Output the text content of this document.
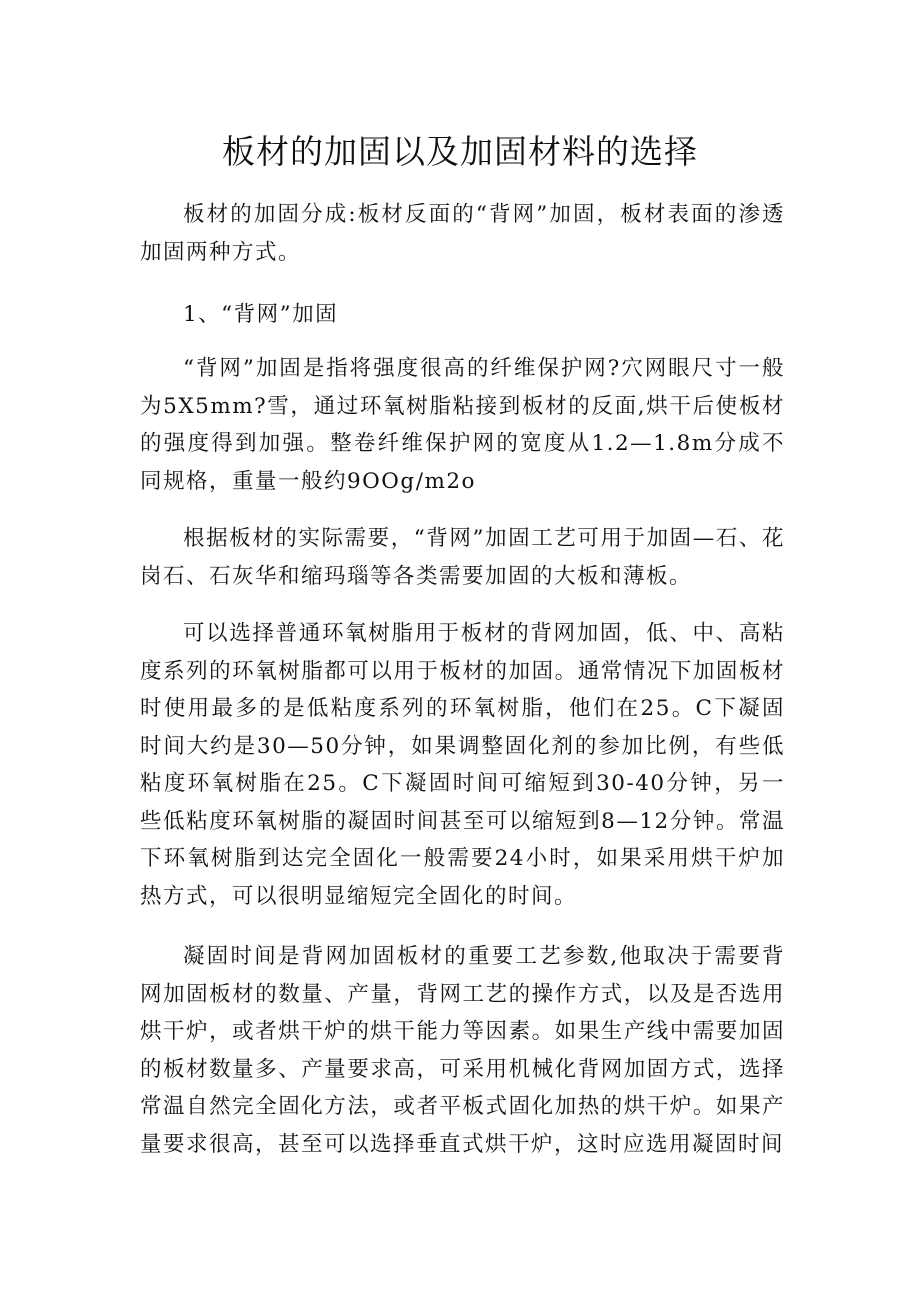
板材的加固以及加固材料的选择

板材的加固分成:板材反面的“背网”加固，板材表面的渗透加固两种方式。

1、“背网”加固

“背网”加固是指将强度很高的纤维保护网?穴网眼尺寸一般为5X5mm?雪，通过环氧树脂粘接到板材的反面,烘干后使板材的强度得到加强。整卷纤维保护网的宽度从1.2—1.8m分成不同规格，重量一般约9OOg/m2o

根据板材的实际需要，“背网”加固工艺可用于加固—石、花岗石、石灰华和缩玛瑙等各类需要加固的大板和薄板。

可以选择普通环氧树脂用于板材的背网加固，低、中、高粘度系列的环氧树脂都可以用于板材的加固。通常情况下加固板材时使用最多的是低粘度系列的环氧树脂，他们在25。C下凝固时间大约是30—50分钟，如果调整固化剂的参加比例，有些低粘度环氧树脂在25。C下凝固时间可缩短到30-40分钟，另一些低粘度环氧树脂的凝固时间甚至可以缩短到8—12分钟。常温下环氧树脂到达完全固化一般需要24小时，如果采用烘干炉加热方式，可以很明显缩短完全固化的时间。

凝固时间是背网加固板材的重要工艺参数,他取决于需要背网加固板材的数量、产量，背网工艺的操作方式，以及是否选用烘干炉，或者烘干炉的烘干能力等因素。如果生产线中需要加固的板材数量多、产量要求高，可采用机械化背网加固方式，选择常温自然完全固化方法，或者平板式固化加热的烘干炉。如果产量要求很高，甚至可以选择垂直式烘干炉，这时应选用凝固时间
